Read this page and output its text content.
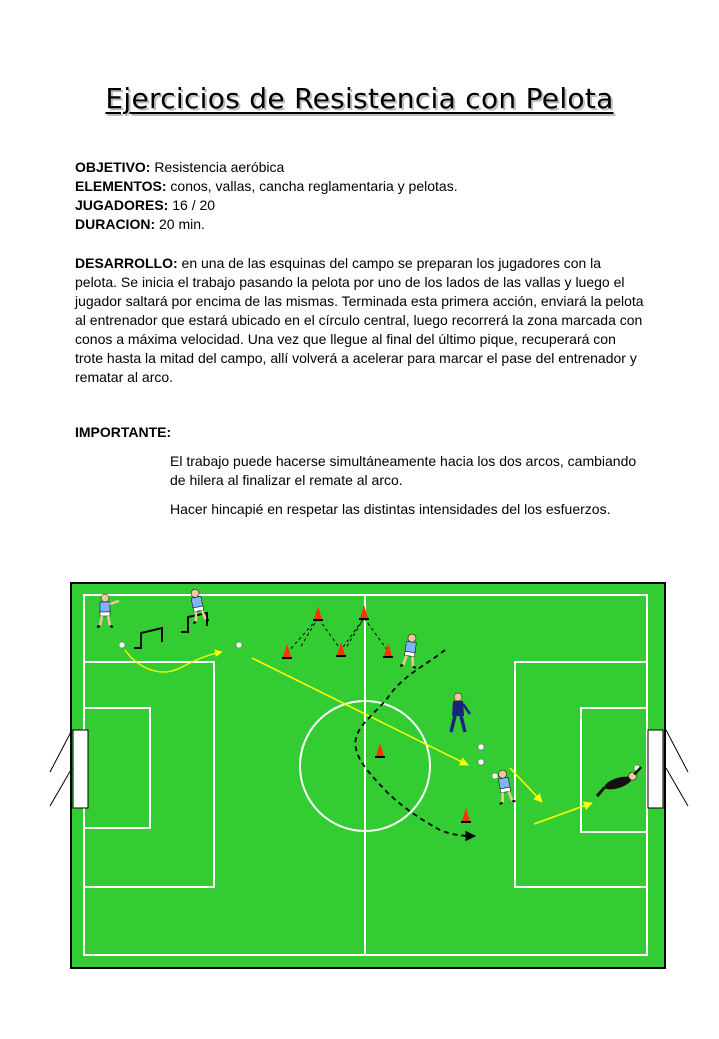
Ejercicios de Resistencia con Pelota
OBJETIVO: Resistencia aeróbica
ELEMENTOS: conos, vallas, cancha reglamentaria y pelotas.
JUGADORES: 16 / 20
DURACION: 20 min.
DESARROLLO: en una de las esquinas del campo se preparan los jugadores con la pelota. Se inicia el trabajo pasando la pelota por uno de los lados de las vallas y luego el jugador saltará por encima de las mismas. Terminada esta primera acción, enviará la pelota al entrenador que estará ubicado en el círculo central, luego recorrerá la zona marcada con conos a máxima velocidad. Una vez que llegue al final del último pique, recuperará con trote hasta la mitad del campo, allí volverá a acelerar para marcar el pase del entrenador y rematar al arco.
IMPORTANTE:
El trabajo puede hacerse simultáneamente hacia los dos arcos, cambiando de hilera al finalizar el remate al arco.
Hacer hincapié en respetar las distintas intensidades del los esfuerzos.
